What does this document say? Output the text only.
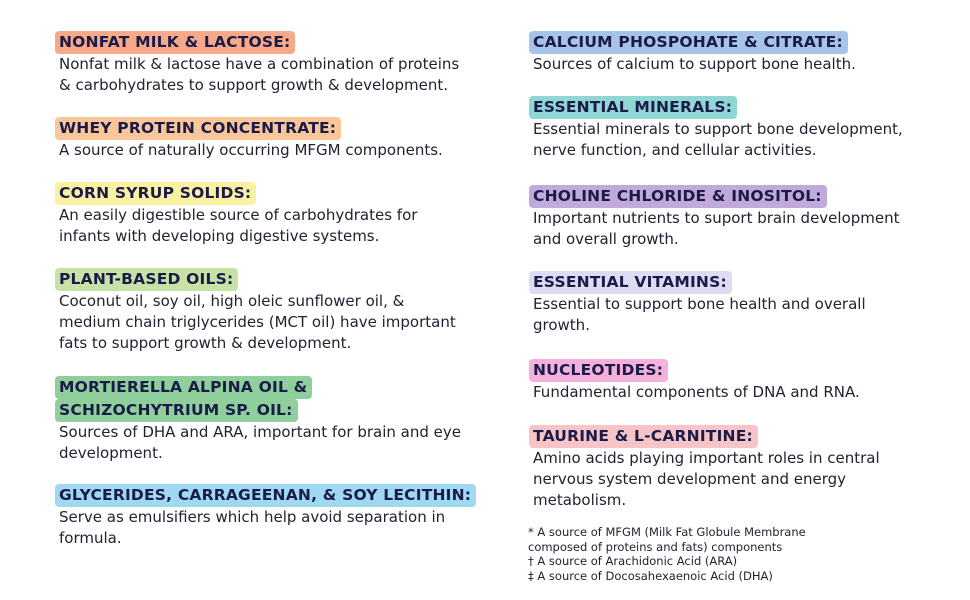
NONFAT MILK & LACTOSE:

Nonfat milk & lactose have a combination of proteins
& carbohydrates to support growth & development.

WHEY PROTEIN CONCENTRATE:

A source of naturally occurring MFGM components.

CORN SYRUP SOLIDS:

An easily digestible source of carbohydrates for
infants with developing digestive systems.

PLANT-BASED OILS:

Coconut oil, soy oil, high oleic sunflower oil, &
medium chain triglycerides (MCT oil) have important
fats to support growth & development.

MORTIERELLA ALPINA OIL &
SCHIZOCHYTRIUM SP. OIL:

Sources of DHA and ARA, important for brain and eye
development.

GLYCERIDES, CARRAGEENAN, & SOY LECITHIN:

Serve as emulsifiers which help avoid separation in
formula.

CALCIUM PHOSPOHATE & CITRATE:

Sources of calcium to support bone health.

ESSENTIAL MINERALS:

Essential minerals to support bone development,
nerve function, and cellular activities.

CHOLINE CHLORIDE & INOSITOL:

Important nutrients to suport brain development
and overall growth.

ESSENTIAL VITAMINS:

Essential to support bone health and overall
growth.

NUCLEOTIDES:

Fundamental components of DNA and RNA.

TAURINE & L-CARNITINE:

Amino acids playing important roles in central
nervous system development and energy
metabolism.

* A source of MFGM (Milk Fat Globule Membrane
composed of proteins and fats) components
† A source of Arachidonic Acid (ARA)
‡ A source of Docosahexaenoic Acid (DHA)
